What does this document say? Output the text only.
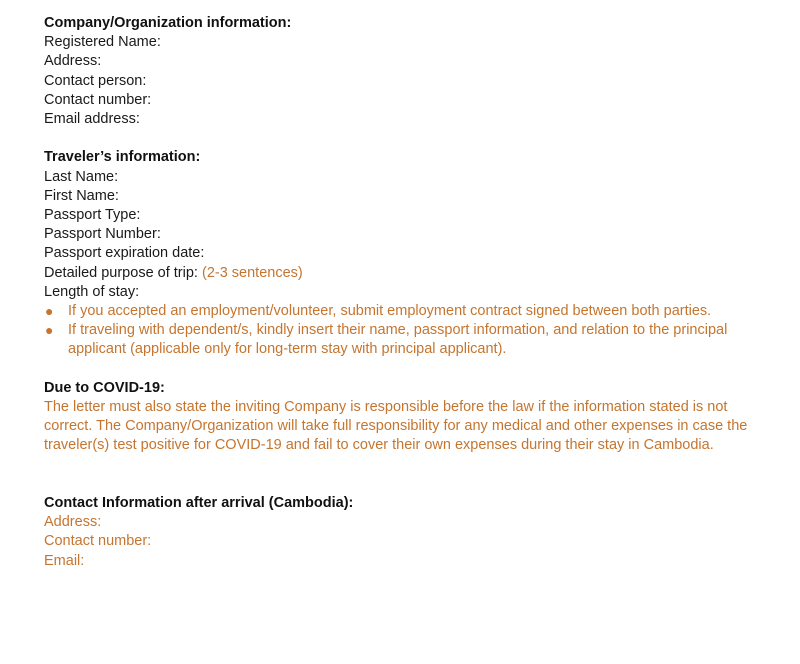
Company/Organization information:
Registered Name:
Address:
Contact person:
Contact number:
Email address:
Traveler’s information:
Last Name:
First Name:
Passport Type:
Passport Number:
Passport expiration date:
Detailed purpose of trip: (2-3 sentences)
Length of stay:
● If you accepted an employment/volunteer, submit employment contract signed between both parties.
● If traveling with dependent/s, kindly insert their name, passport information, and relation to the principal applicant (applicable only for long-term stay with principal applicant).
Due to COVID-19:
The letter must also state the inviting Company is responsible before the law if the information stated is not correct. The Company/Organization will take full responsibility for any medical and other expenses in case the traveler(s) test positive for COVID-19 and fail to cover their own expenses during their stay in Cambodia.
Contact Information after arrival (Cambodia):
Address:
Contact number:
Email:
